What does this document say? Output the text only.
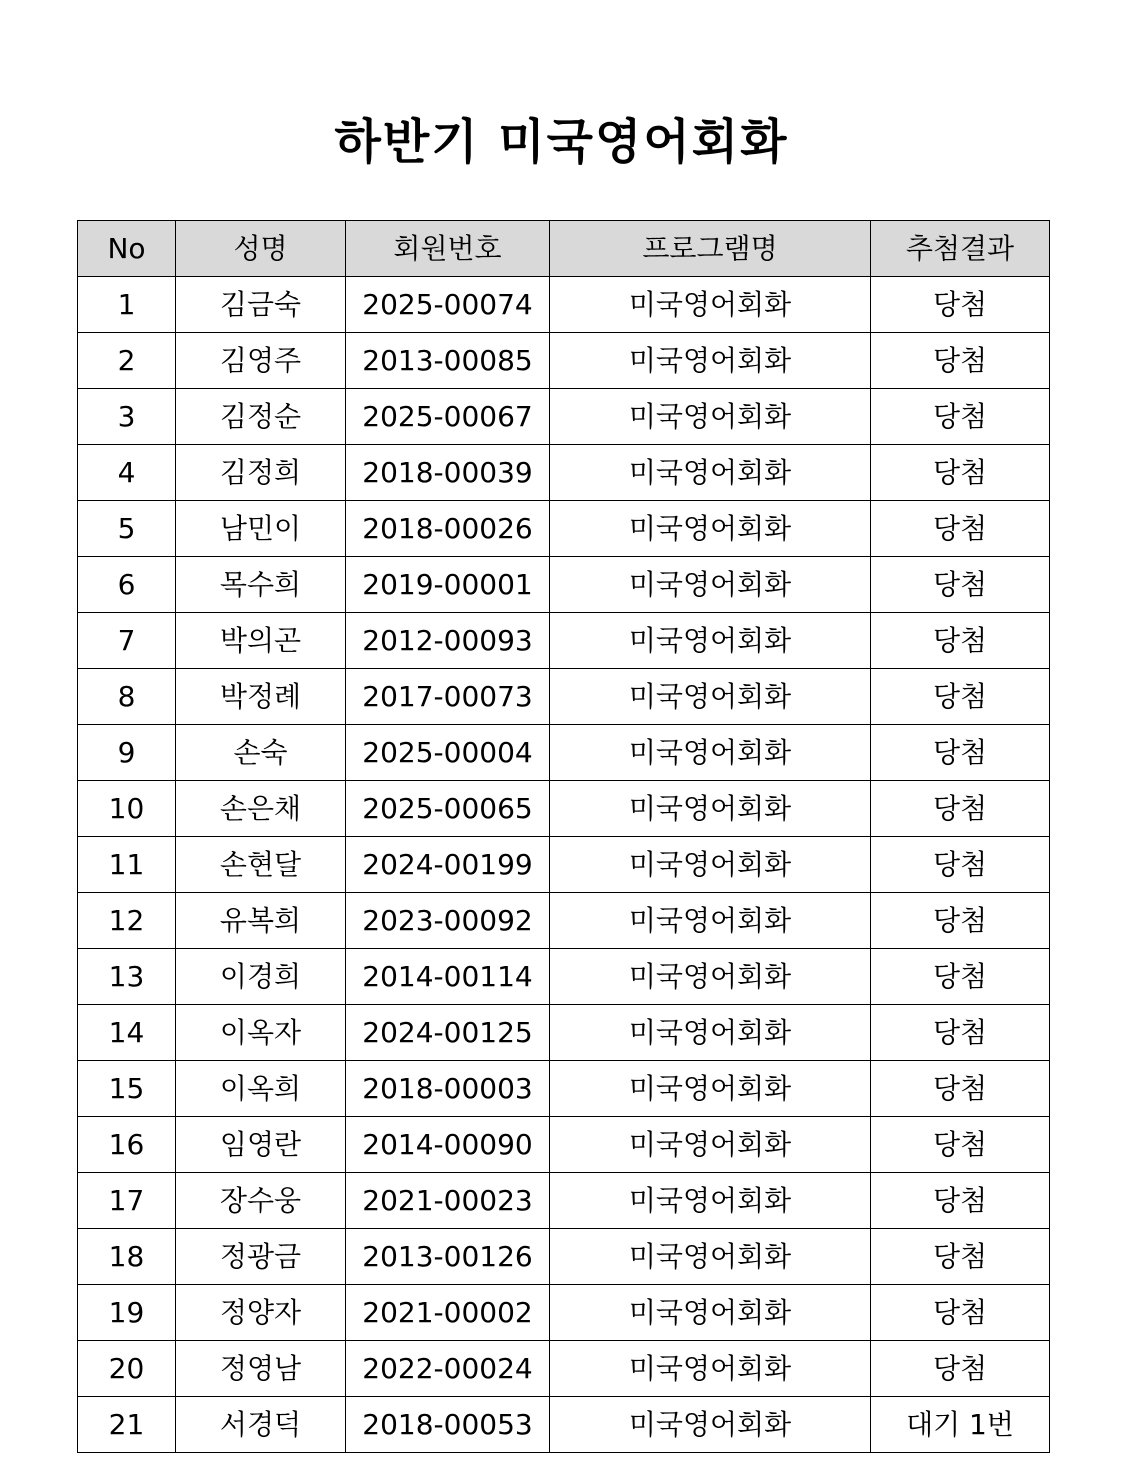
하반기 미국영어회화
No	성명	회원번호	프로그램명	추첨결과
1	김금숙	2025-00074	미국영어회화	당첨
2	김영주	2013-00085	미국영어회화	당첨
3	김정순	2025-00067	미국영어회화	당첨
4	김정희	2018-00039	미국영어회화	당첨
5	남민이	2018-00026	미국영어회화	당첨
6	목수희	2019-00001	미국영어회화	당첨
7	박의곤	2012-00093	미국영어회화	당첨
8	박정례	2017-00073	미국영어회화	당첨
9	손숙	2025-00004	미국영어회화	당첨
10	손은채	2025-00065	미국영어회화	당첨
11	손현달	2024-00199	미국영어회화	당첨
12	유복희	2023-00092	미국영어회화	당첨
13	이경희	2014-00114	미국영어회화	당첨
14	이옥자	2024-00125	미국영어회화	당첨
15	이옥희	2018-00003	미국영어회화	당첨
16	임영란	2014-00090	미국영어회화	당첨
17	장수웅	2021-00023	미국영어회화	당첨
18	정광금	2013-00126	미국영어회화	당첨
19	정양자	2021-00002	미국영어회화	당첨
20	정영남	2022-00024	미국영어회화	당첨
21	서경덕	2018-00053	미국영어회화	대기 1번
